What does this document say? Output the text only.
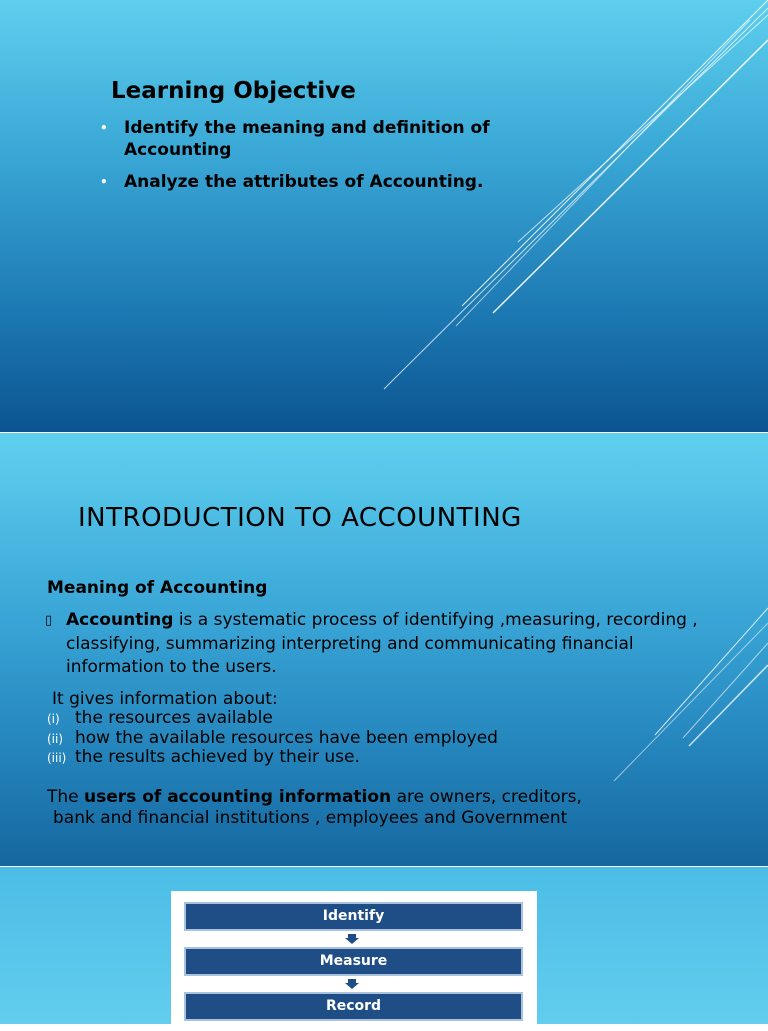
Learning Objective
• Identify the meaning and definition of Accounting
• Analyze the attributes of Accounting.
INTRODUCTION TO ACCOUNTING
Meaning of Accounting
▯ Accounting is a systematic process of identifying ,measuring, recording , classifying, summarizing interpreting and communicating financial information to the users.
It gives information about:
(i) the resources available
(ii) how the available resources have been employed
(iii) the results achieved by their use.
The users of accounting information are owners, creditors,
bank and financial institutions , employees and Government
Identify
Measure
Record
